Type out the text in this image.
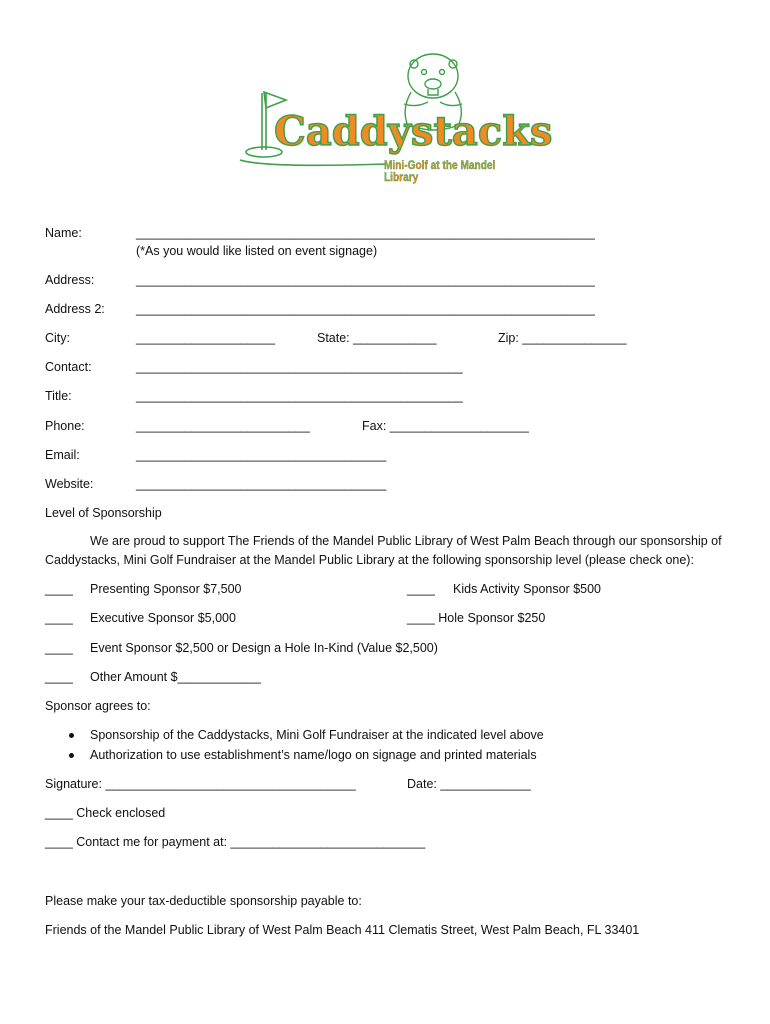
Caddystacks
Mini-Golf at the Mandel Library
Name:	__________________________________________________________________
(*As you would like listed on event signage)
Address:	__________________________________________________________________
Address 2: __________________________________________________________________
City:	____________________	State: ____________	Zip: _______________
Contact:	_______________________________________________
Title:	_______________________________________________
Phone:	_________________________	Fax: ____________________
Email:	____________________________________
Website:	____________________________________
Level of Sponsorship
We are proud to support The Friends of the Mandel Public Library of West Palm Beach through our sponsorship of Caddystacks, Mini Golf Fundraiser at the Mandel Public Library at the following sponsorship level (please check one):
____ Presenting Sponsor $7,500	____ Kids Activity Sponsor $500
____ Executive Sponsor $5,000	____ Hole Sponsor $250
____ Event Sponsor $2,500 or Design a Hole In-Kind (Value $2,500)
____ Other Amount $____________
Sponsor agrees to:
Sponsorship of the Caddystacks, Mini Golf Fundraiser at the indicated level above
Authorization to use establishment’s name/logo on signage and printed materials
Signature: ____________________________________	Date: _____________
____ Check enclosed
____ Contact me for payment at: ____________________________
Please make your tax-deductible sponsorship payable to:
Friends of the Mandel Public Library of West Palm Beach 411 Clematis Street, West Palm Beach, FL 33401
